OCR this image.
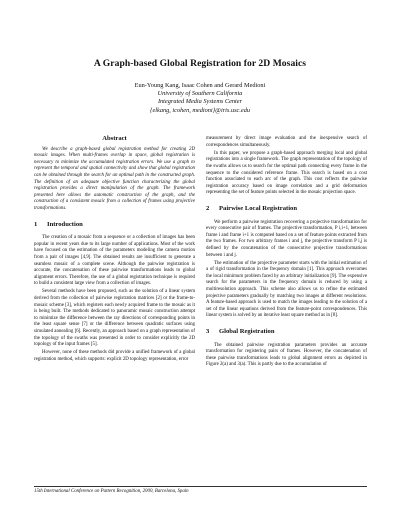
A Graph-based Global Registration for 2D Mosaics
Eun-Young Kang, Isaac Cohen and Gerard Medioni
University of Southern California
Integrated Media Systems Center
{elkang, icohen, medioni}@iris.usc.edu
Abstract

We describe a graph-based global registration method for creating 2D mosaic images. When multi-frames overlap in space, global registration is necessary to minimize the accumulated registration errors. We use a graph to represent the temporal and spatial connectivity and show that global registration can be obtained through the search for an optimal path in the constructed graph. The definition of an adequate objective function characterizing the global registration provides a direct manipulation of the graph. The framework presented here allows the automatic construction of the graph, and the construction of a consistent mosaic from a collection of frames using projective transformations.

1 Introduction

The creation of a mosaic from a sequence or a collection of images has been popular in recent years due to its large number of applications. Most of the work have focused on the estimation of the parameters modeling the camera motion from a pair of images [4,9]. The obtained results are insufficient to generate a seamless mosaic of a complete scene. Although the pairwise registration is accurate, the concatenation of these pairwise transformations leads to global alignment errors. Therefore, the use of a global registration technique is required to build a consistent large view from a collection of images.

Several methods have been proposed, such as the solution of a linear system derived from the collection of pairwise registration matrices [2] or the frame-to-mosaic scheme [3], which registers each newly acquired frame to the mosaic as it is being built. The methods dedicated to panoramic mosaic construction attempt to minimize the difference between the ray directions of corresponding points in the least square sense [7] or the difference between quadratic surfaces using simulated annealing [6]. Recently, an approach based on a graph representation of the topology of the swaths was presented in order to consider explicitly the 2D topology of the input frames [5].

However, none of these methods did provide a unified framework of a global registration method, which supports: explicit 2D topology representation, error

measurement by direct image evaluation and the inexpensive search of correspondences simultaneously.

In this paper, we propose a graph-based approach merging local and global registrations into a single framework. The graph representation of the topology of the swaths allows us to search for the optimal path connecting every frame in the sequence to the considered reference frame. This search is based on a cost function associated to each arc of the graph. This cost reflects the pairwise registration accuracy based on image correlation and a grid deformation representing the set of feature points selected in the mosaic projection space.

2 Pairwise Local Registration

We perform a pairwise registration recovering a projective transformation for every consecutive pair of frames. The projective transformation, P i,i+1, between frame i and frame i+1 is computed based on a set of feature points extracted from the two frames. For two arbitrary frames i and j, the projective transform P i,j is defined by the concatenation of the consecutive projective transformations between i and j.

The estimation of the projective parameter starts with the initial estimation of a of rigid transformation in the frequency domain [1]. This approach overcomes the local minimum problem faced by an arbitrary initialization [9]. The expensive search for the parameters in the frequency domain is reduced by using a multiresolution approach. This scheme also allows us to refine the estimated projective parameters gradually by matching two images at different resolutions. A feature-based approach is used to match the images leading to the solution of a set of the linear equations derived from the feature-point correspondences. This linear system is solved by an iterative least square method as in [8].

3 Global Registration

The obtained pairwise registration parameters provides an accurate transformation for registering pairs of frames. However, the concatenation of these pairwise transformations leads to global alignment errors as depicted in Figure 2(a) and 3(a). This is partly due to the accumulation of

15th International Conference on Pattern Recognition, 2000, Barcelona, Spain
